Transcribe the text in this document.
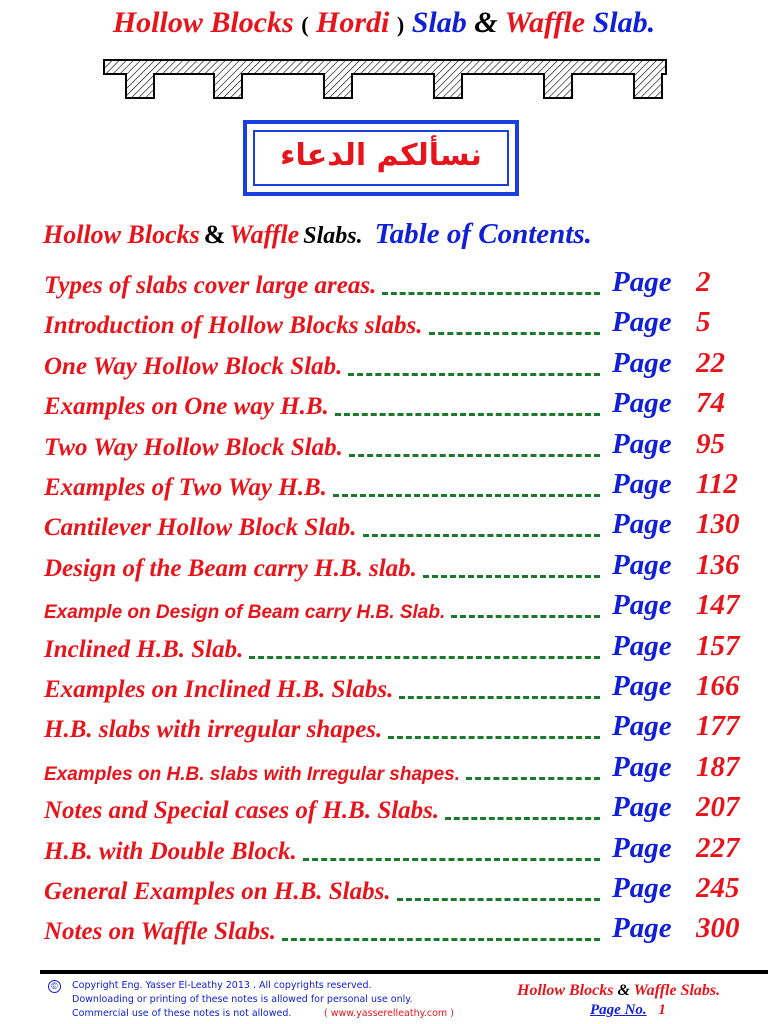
Hollow Blocks ( Hordi ) Slab & Waffle Slab.
نسألكم الدعاء
Hollow Blocks & Waffle Slabs. Table of Contents.
Types of slabs cover large areas.	Page 2
Introduction of Hollow Blocks slabs.	Page 5
One Way Hollow Block Slab.	Page 22
Examples on One way H.B.	Page 74
Two Way Hollow Block Slab.	Page 95
Examples of Two Way H.B.	Page 112
Cantilever Hollow Block Slab.	Page 130
Design of the Beam carry H.B. slab.	Page 136
Example on Design of Beam carry H.B. Slab.	Page 147
Inclined H.B. Slab.	Page 157
Examples on Inclined H.B. Slabs.	Page 166
H.B. slabs with irregular shapes.	Page 177
Examples on H.B. slabs with Irregular shapes.	Page 187
Notes and Special cases of H.B. Slabs.	Page 207
H.B. with Double Block.	Page 227
General Examples on H.B. Slabs.	Page 245
Notes on Waffle Slabs.	Page 300
©	Copyright Eng. Yasser El-Leathy 2013 . All copyrights reserved.
Downloading or printing of these notes is allowed for personal use only.
Commercial use of these notes is not allowed.	( www.yasserelleathy.com )
Hollow Blocks & Waffle Slabs.
Page No. 1
